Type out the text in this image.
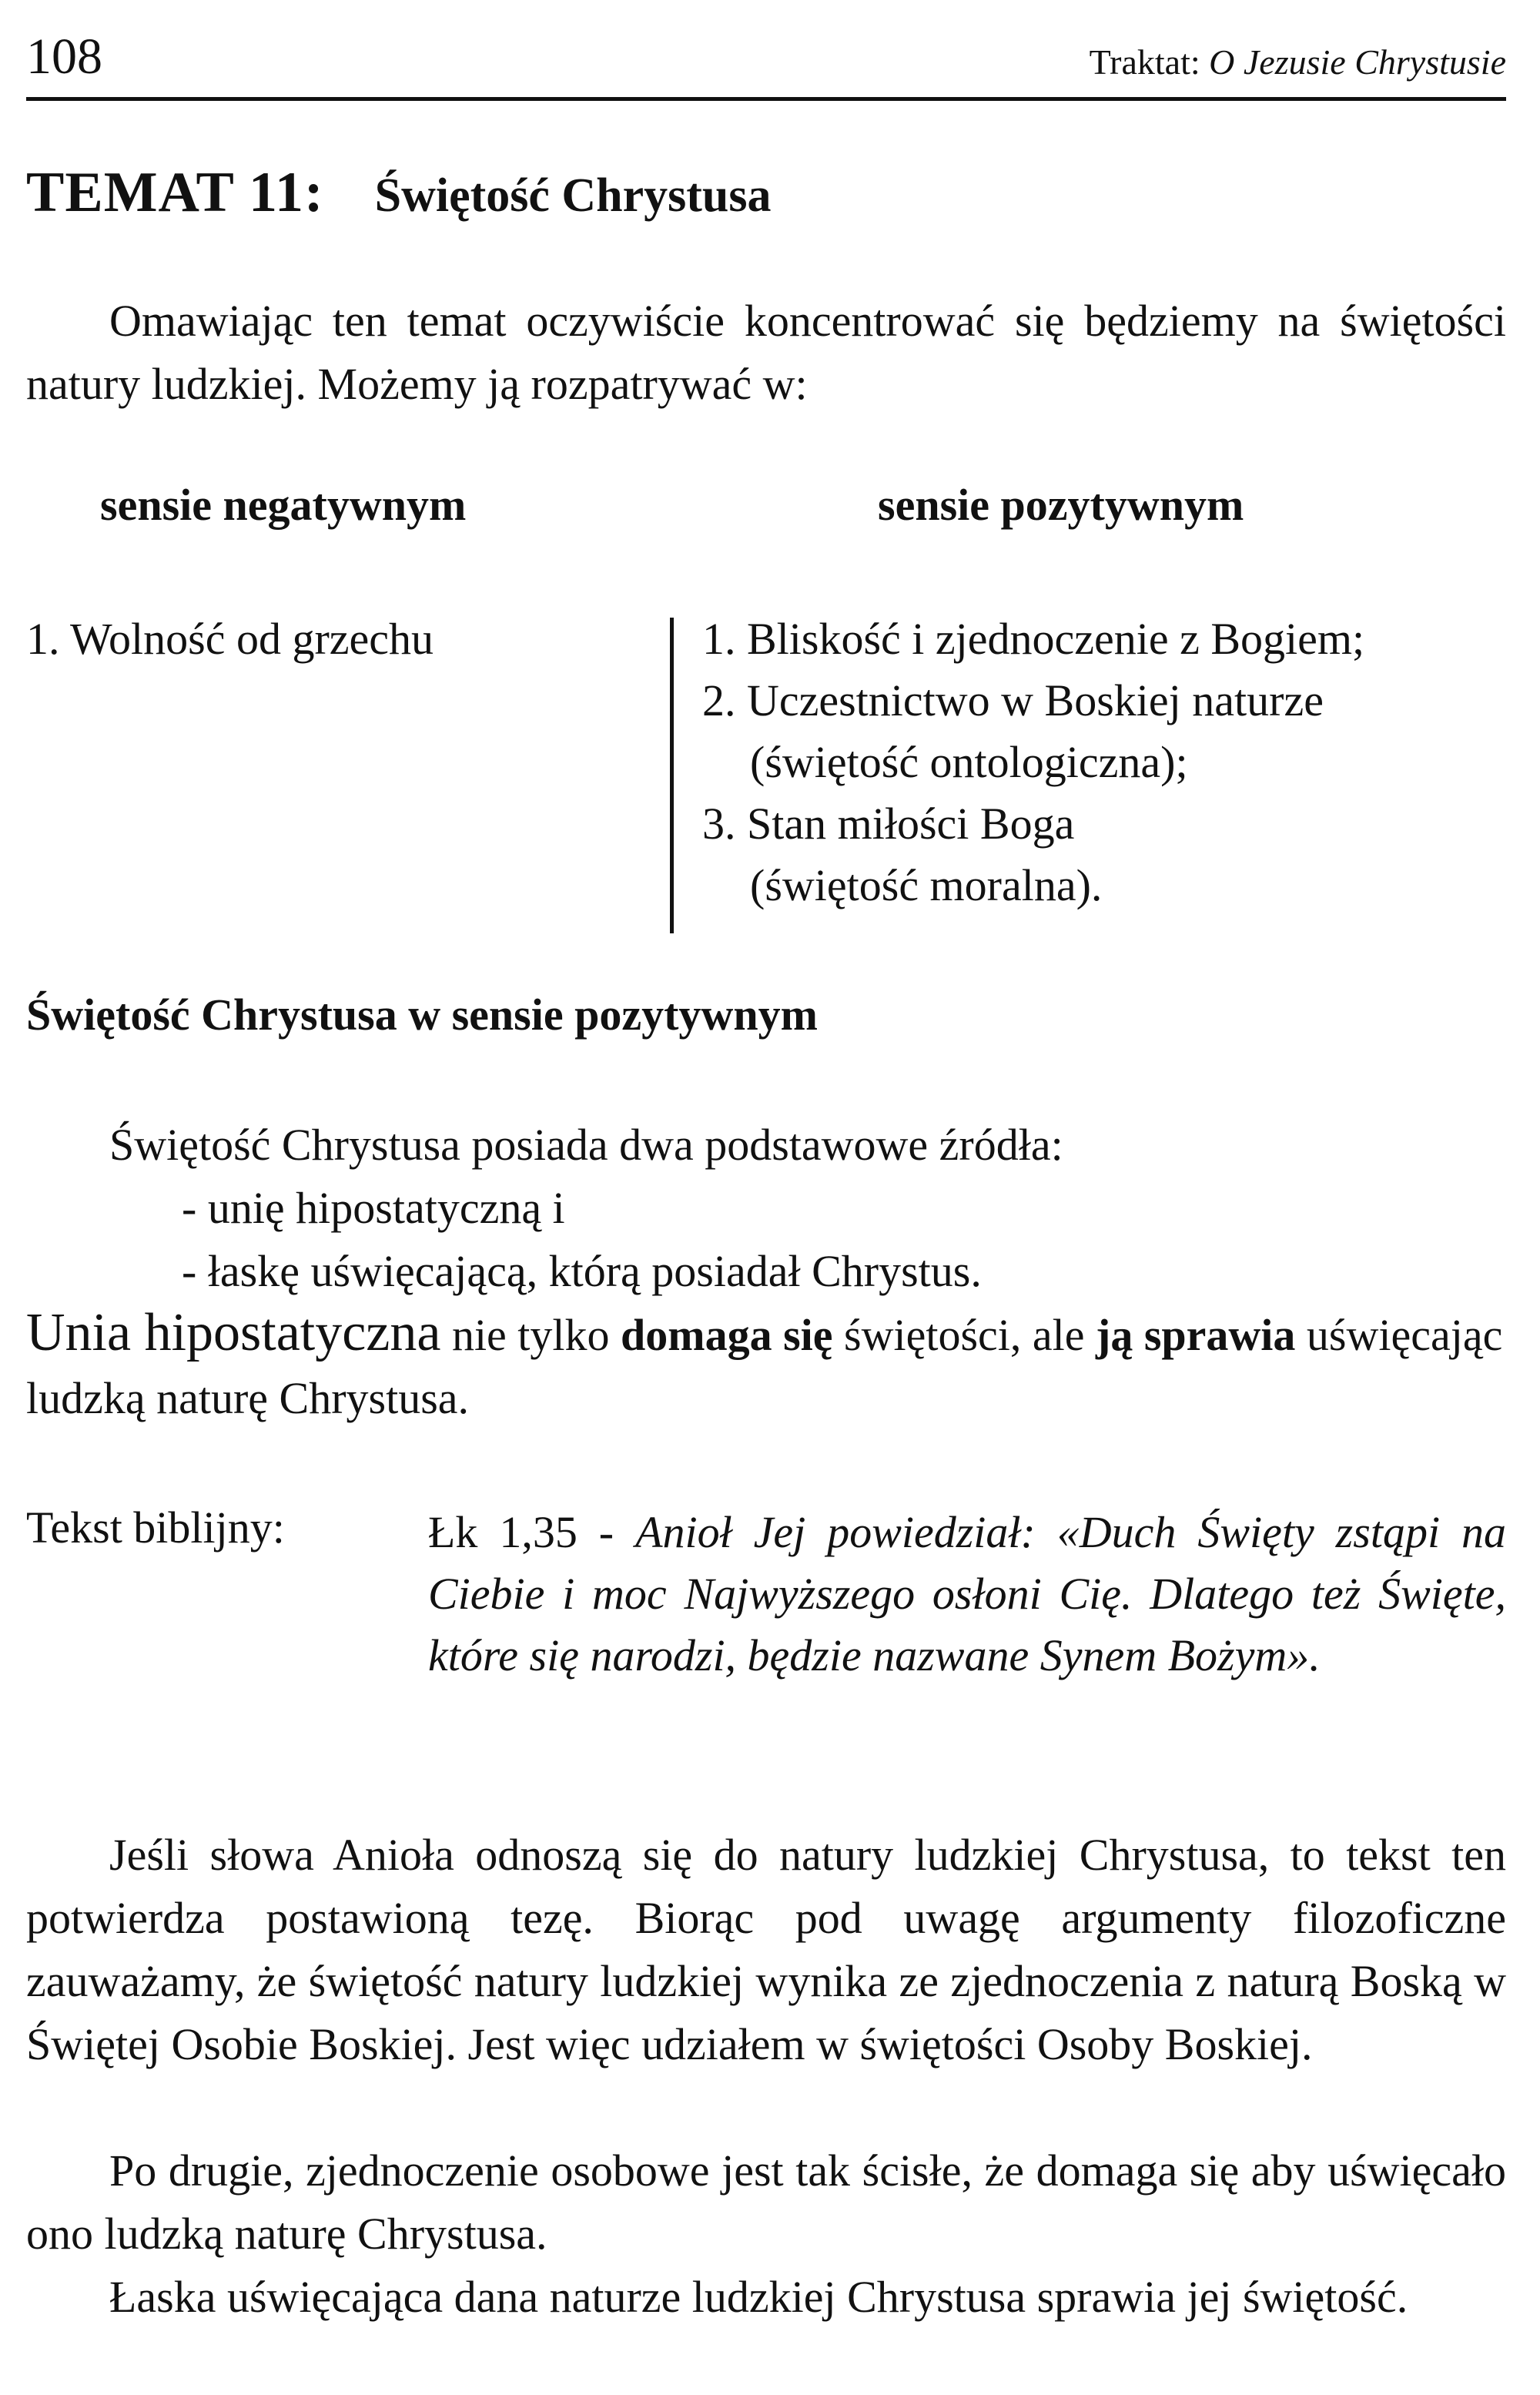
108	Traktat: O Jezusie Chrystusie
TEMAT 11: Świętość Chrystusa

Omawiając ten temat oczywiście koncentrować się będziemy na świętości natury ludzkiej. Możemy ją rozpatrywać w:

sensie negatywnym	sensie pozytywnym
1. Wolność od grzechu	1. Bliskość i zjednoczenie z Bogiem;
2. Uczestnictwo w Boskiej naturze
(świętość ontologiczna);
3. Stan miłości Boga
(świętość moralna).
Świętość Chrystusa w sensie pozytywnym

Świętość Chrystusa posiada dwa podstawowe źródła:

- unię hipostatyczną i

- łaskę uświęcającą, którą posiadał Chrystus.

Unia hipostatyczna nie tylko domaga się świętości, ale ją sprawia uświęcając ludzką naturę Chrystusa.

Tekst biblijny:	Łk 1,35 - Anioł Jej powiedział: «Duch Święty zstąpi na Ciebie i moc Najwyższego osłoni Cię. Dlatego też Święte, które się narodzi, będzie nazwane Synem Bożym».

Jeśli słowa Anioła odnoszą się do natury ludzkiej Chrystusa, to tekst ten potwierdza postawioną tezę. Biorąc pod uwagę argumenty filozoficzne zauważamy, że świętość natury ludzkiej wynika ze zjednoczenia z naturą Boską w Świętej Osobie Boskiej. Jest więc udziałem w świętości Osoby Boskiej.

Po drugie, zjednoczenie osobowe jest tak ścisłe, że domaga się aby uświęcało ono ludzką naturę Chrystusa.

Łaska uświęcająca dana naturze ludzkiej Chrystusa sprawia jej świętość.
